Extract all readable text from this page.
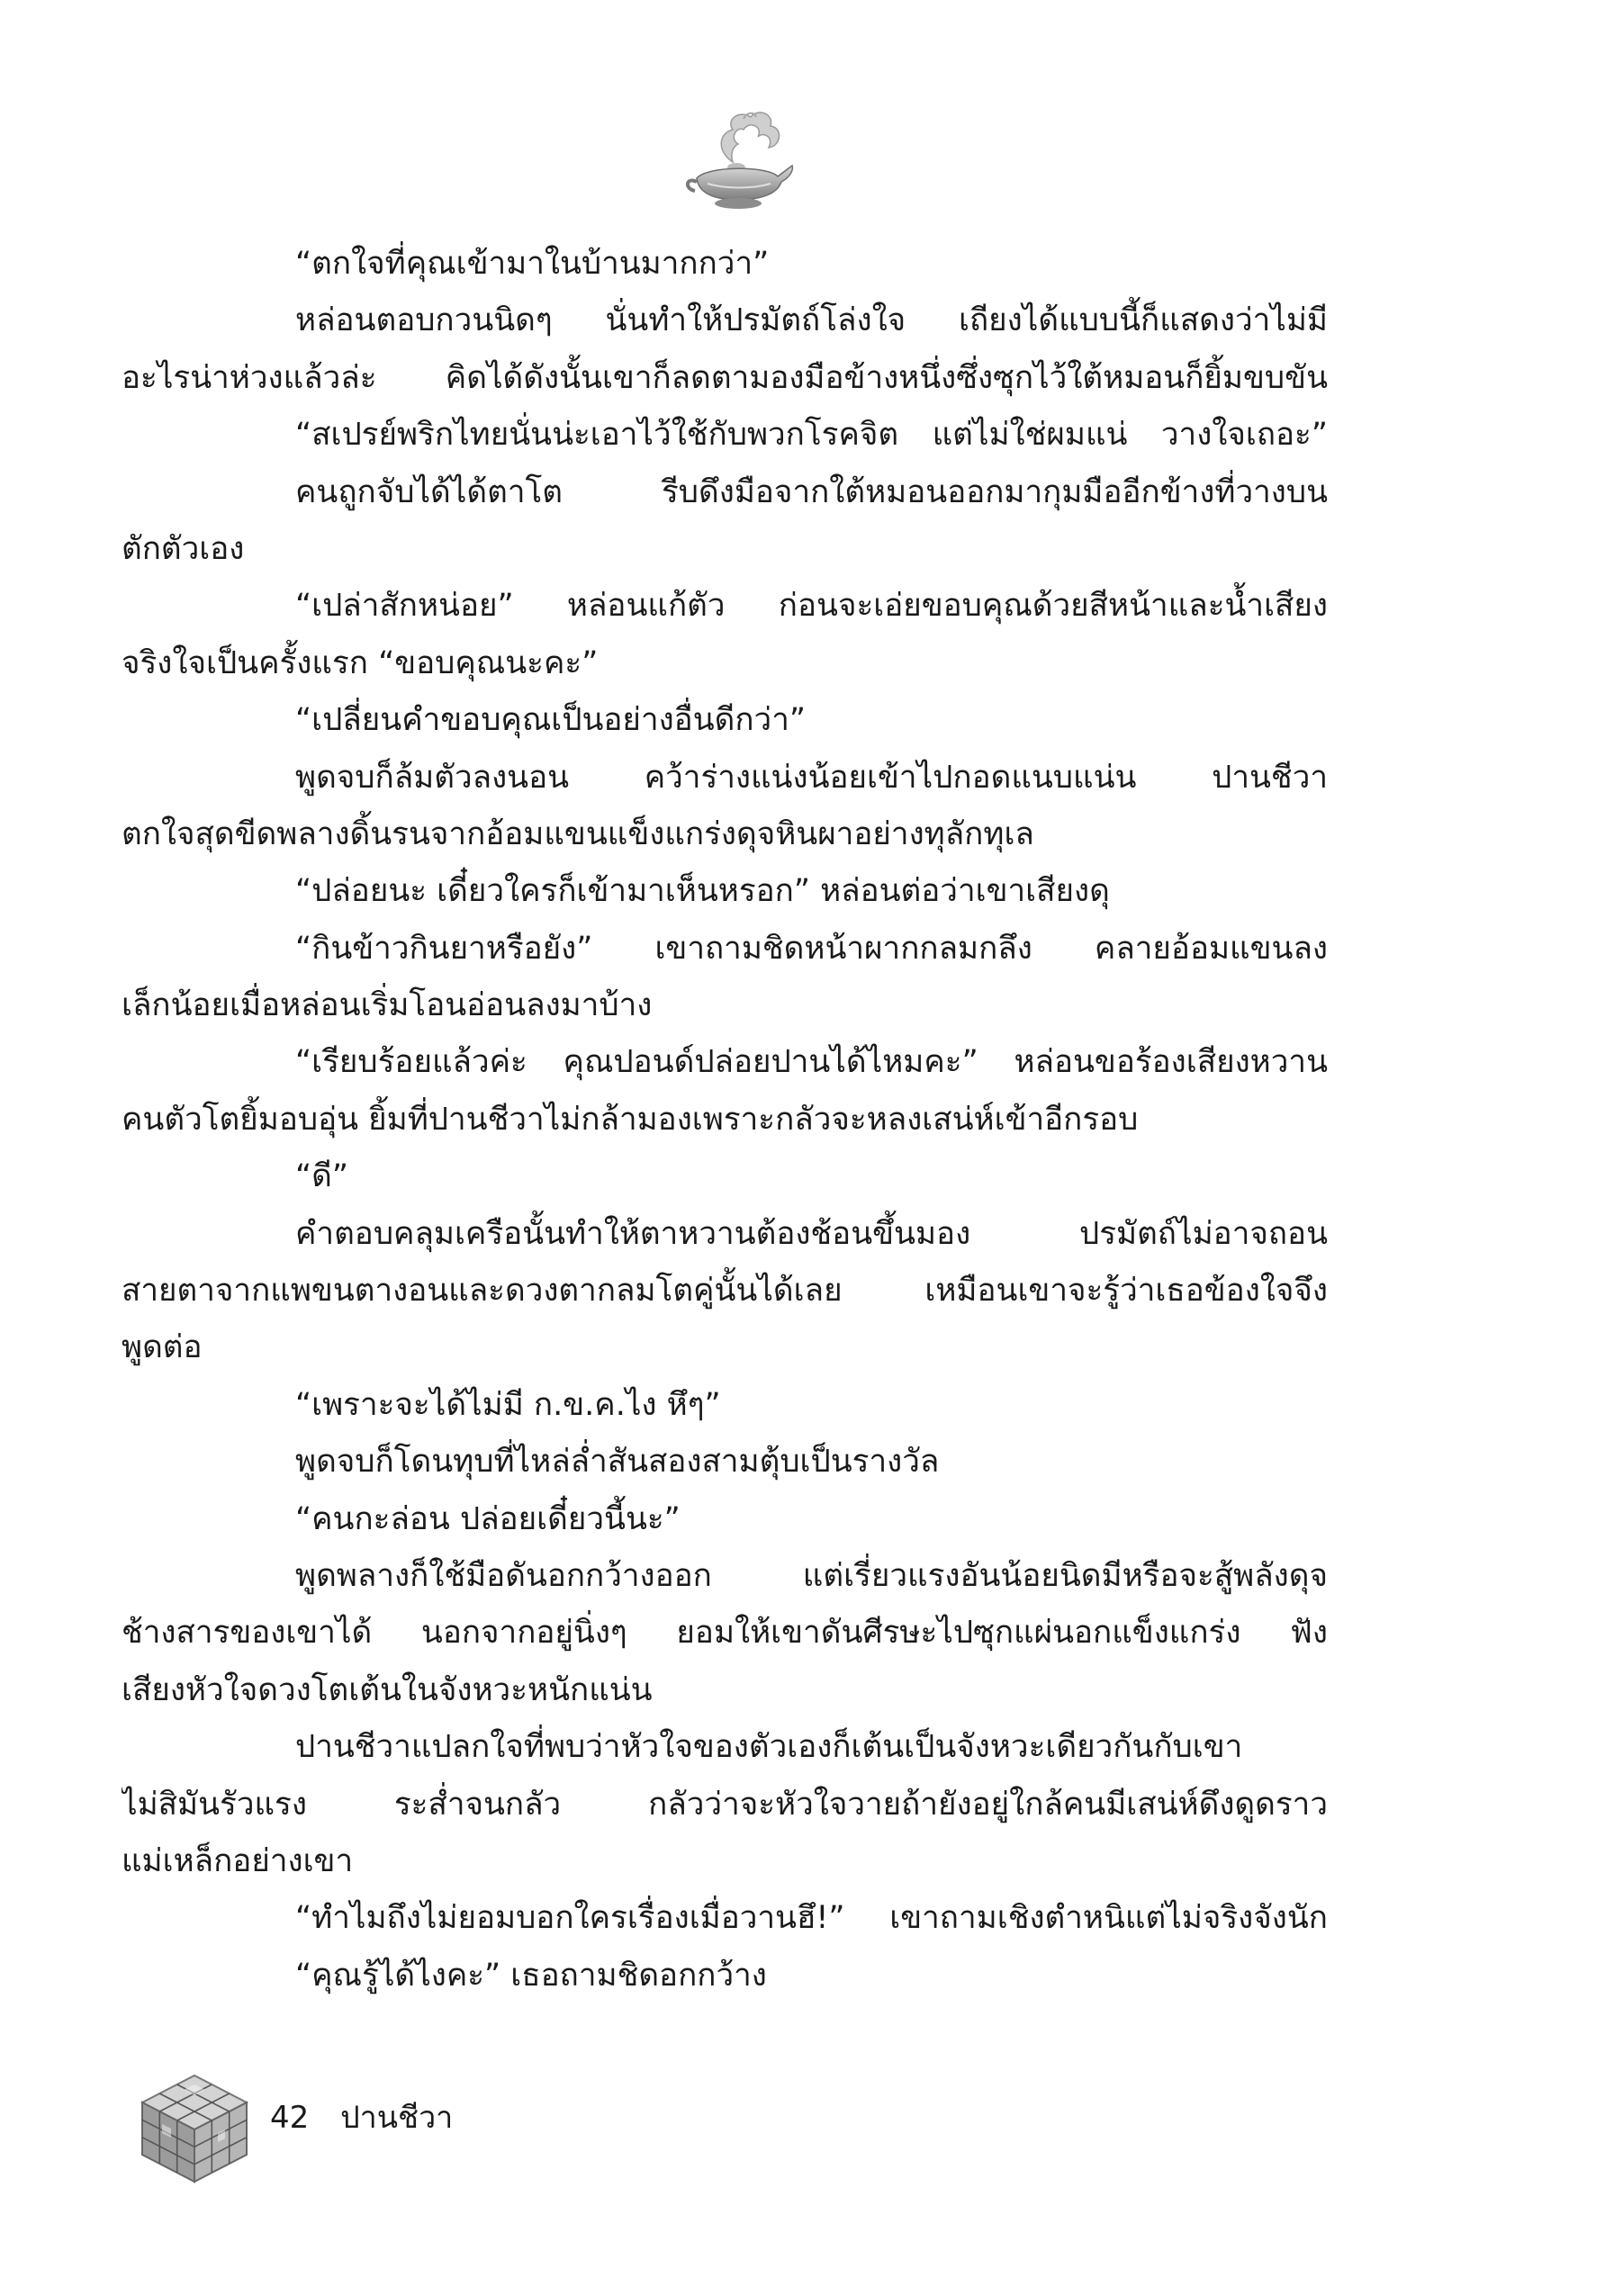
“ตกใจที่คุณเข้ามาในบ้านมากกว่า”
หล่อนตอบกวนนิดๆ นั่นทำให้ปรมัตถ์โล่งใจ เถียงได้แบบนี้ก็แสดงว่าไม่มี
อะไรน่าห่วงแล้วล่ะ คิดได้ดังนั้นเขาก็ลดตามองมือข้างหนึ่งซึ่งซุกไว้ใต้หมอนก็ยิ้มขบขัน
“สเปรย์พริกไทยนั่นน่ะเอาไว้ใช้กับพวกโรคจิต แต่ไม่ใช่ผมแน่ วางใจเถอะ”
คนถูกจับได้ได้ตาโต รีบดึงมือจากใต้หมอนออกมากุมมืออีกข้างที่วางบน
ตักตัวเอง
“เปล่าสักหน่อย” หล่อนแก้ตัว ก่อนจะเอ่ยขอบคุณด้วยสีหน้าและน้ำเสียง
จริงใจเป็นครั้งแรก “ขอบคุณนะคะ”
“เปลี่ยนคำขอบคุณเป็นอย่างอื่นดีกว่า”
พูดจบก็ล้มตัวลงนอน คว้าร่างแน่งน้อยเข้าไปกอดแนบแน่น ปานชีวา
ตกใจสุดขีดพลางดิ้นรนจากอ้อมแขนแข็งแกร่งดุจหินผาอย่างทุลักทุเล
“ปล่อยนะ เดี๋ยวใครก็เข้ามาเห็นหรอก” หล่อนต่อว่าเขาเสียงดุ
“กินข้าวกินยาหรือยัง” เขาถามชิดหน้าผากกลมกลึง คลายอ้อมแขนลง
เล็กน้อยเมื่อหล่อนเริ่มโอนอ่อนลงมาบ้าง
“เรียบร้อยแล้วค่ะ คุณปอนด์ปล่อยปานได้ไหมคะ” หล่อนขอร้องเสียงหวาน
คนตัวโตยิ้มอบอุ่น ยิ้มที่ปานชีวาไม่กล้ามองเพราะกลัวจะหลงเสน่ห์เข้าอีกรอบ
“ดี”
คำตอบคลุมเครือนั้นทำให้ตาหวานต้องช้อนขึ้นมอง ปรมัตถ์ไม่อาจถอน
สายตาจากแพขนตางอนและดวงตากลมโตคู่นั้นได้เลย เหมือนเขาจะรู้ว่าเธอข้องใจจึง
พูดต่อ
“เพราะจะได้ไม่มี ก.ข.ค.ไง หึๆ”
พูดจบก็โดนทุบที่ไหล่ล่ำสันสองสามตุ้บเป็นรางวัล
“คนกะล่อน ปล่อยเดี๋ยวนี้นะ”
พูดพลางก็ใช้มือดันอกกว้างออก แต่เรี่ยวแรงอันน้อยนิดมีหรือจะสู้พลังดุจ
ช้างสารของเขาได้ นอกจากอยู่นิ่งๆ ยอมให้เขาดันศีรษะไปซุกแผ่นอกแข็งแกร่ง ฟัง
เสียงหัวใจดวงโตเต้นในจังหวะหนักแน่น
ปานชีวาแปลกใจที่พบว่าหัวใจของตัวเองก็เต้นเป็นจังหวะเดียวกันกับเขา
ไม่สิมันรัวแรง ระส่ำจนกลัว กลัวว่าจะหัวใจวายถ้ายังอยู่ใกล้คนมีเสน่ห์ดึงดูดราว
แม่เหล็กอย่างเขา
“ทำไมถึงไม่ยอมบอกใครเรื่องเมื่อวานฮึ!” เขาถามเชิงตำหนิแต่ไม่จริงจังนัก
“คุณรู้ได้ไงคะ” เธอถามชิดอกกว้าง
42 ปานชีวา
